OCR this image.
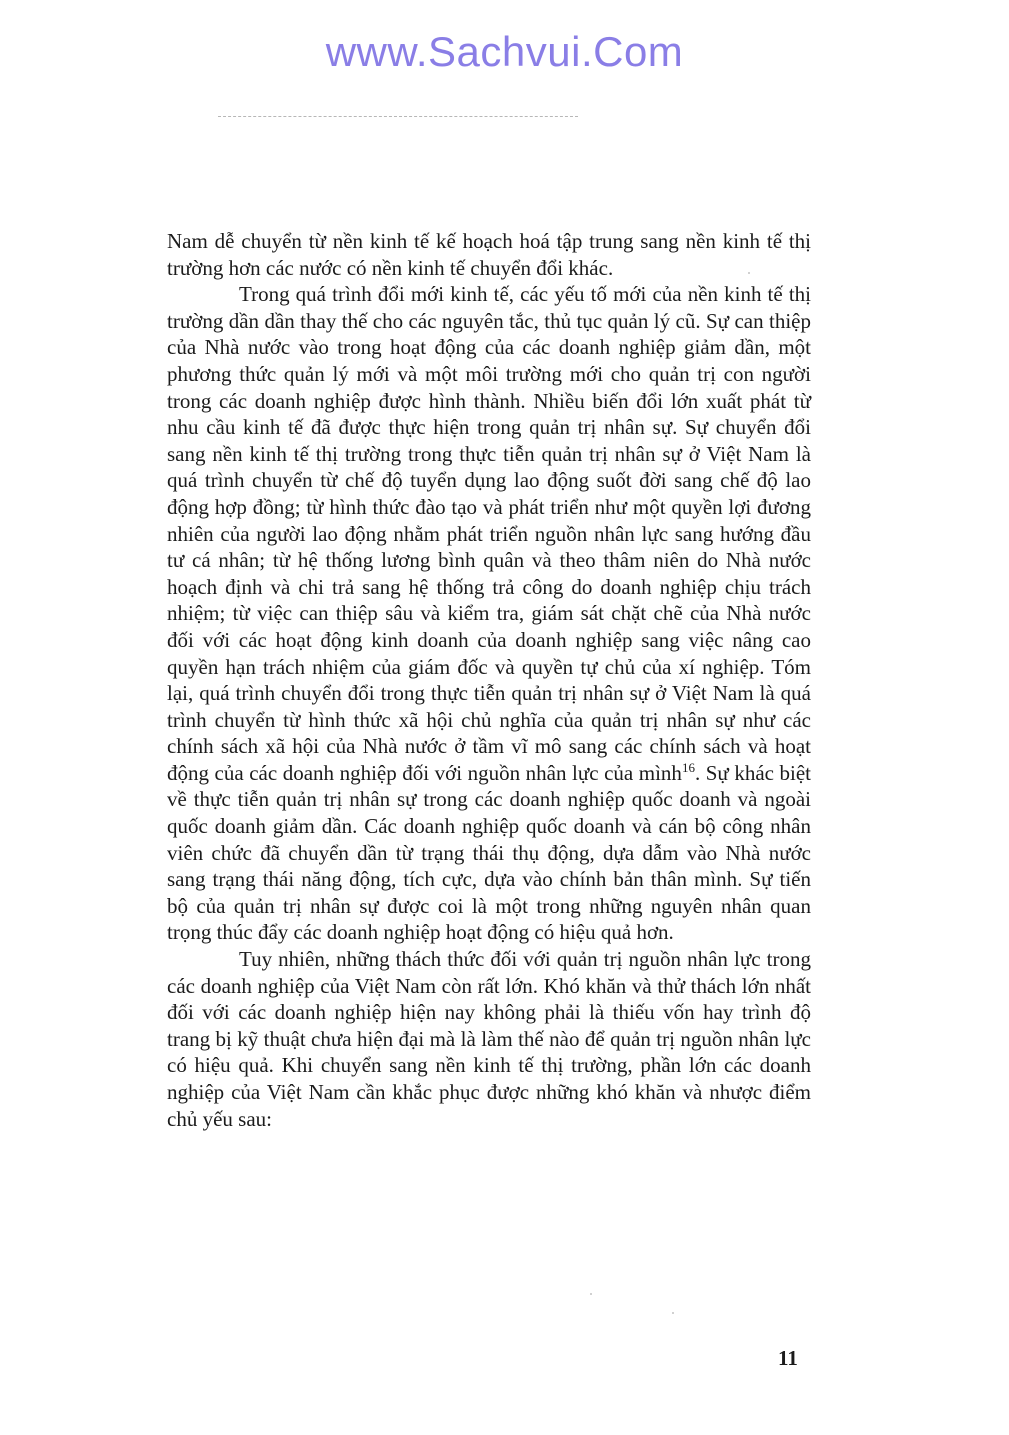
www.Sachvui.Com

Nam dễ chuyển từ nền kinh tế kế hoạch hoá tập trung sang nền kinh tế thị trường hơn các nước có nền kinh tế chuyển đổi khác.

Trong quá trình đổi mới kinh tế, các yếu tố mới của nền kinh tế thị trường dần dần thay thế cho các nguyên tắc, thủ tục quản lý cũ. Sự can thiệp của Nhà nước vào trong hoạt động của các doanh nghiệp giảm dần, một phương thức quản lý mới và một môi trường mới cho quản trị con người trong các doanh nghiệp được hình thành. Nhiều biến đổi lớn xuất phát từ nhu cầu kinh tế đã được thực hiện trong quản trị nhân sự. Sự chuyển đổi sang nền kinh tế thị trường trong thực tiễn quản trị nhân sự ở Việt Nam là quá trình chuyển từ chế độ tuyển dụng lao động suốt đời sang chế độ lao động hợp đồng; từ hình thức đào tạo và phát triển như một quyền lợi đương nhiên của người lao động nhằm phát triển nguồn nhân lực sang hướng đầu tư cá nhân; từ hệ thống lương bình quân và theo thâm niên do Nhà nước hoạch định và chi trả sang hệ thống trả công do doanh nghiệp chịu trách nhiệm; từ việc can thiệp sâu và kiểm tra, giám sát chặt chẽ của Nhà nước đối với các hoạt động kinh doanh của doanh nghiệp sang việc nâng cao quyền hạn trách nhiệm của giám đốc và quyền tự chủ của xí nghiệp. Tóm lại, quá trình chuyển đổi trong thực tiễn quản trị nhân sự ở Việt Nam là quá trình chuyển từ hình thức xã hội chủ nghĩa của quản trị nhân sự như các chính sách xã hội của Nhà nước ở tầm vĩ mô sang các chính sách và hoạt động của các doanh nghiệp đối với nguồn nhân lực của mình$^{16}$. Sự khác biệt về thực tiễn quản trị nhân sự trong các doanh nghiệp quốc doanh và ngoài quốc doanh giảm dần. Các doanh nghiệp quốc doanh và cán bộ công nhân viên chức đã chuyển dần từ trạng thái thụ động, dựa dẫm vào Nhà nước sang trạng thái năng động, tích cực, dựa vào chính bản thân mình. Sự tiến bộ của quản trị nhân sự được coi là một trong những nguyên nhân quan trọng thúc đẩy các doanh nghiệp hoạt động có hiệu quả hơn.

Tuy nhiên, những thách thức đối với quản trị nguồn nhân lực trong các doanh nghiệp của Việt Nam còn rất lớn. Khó khăn và thử thách lớn nhất đối với các doanh nghiệp hiện nay không phải là thiếu vốn hay trình độ trang bị kỹ thuật chưa hiện đại mà là làm thế nào để quản trị nguồn nhân lực có hiệu quả. Khi chuyển sang nền kinh tế thị trường, phần lớn các doanh nghiệp của Việt Nam cần khắc phục được những khó khăn và nhược điểm chủ yếu sau:

11
